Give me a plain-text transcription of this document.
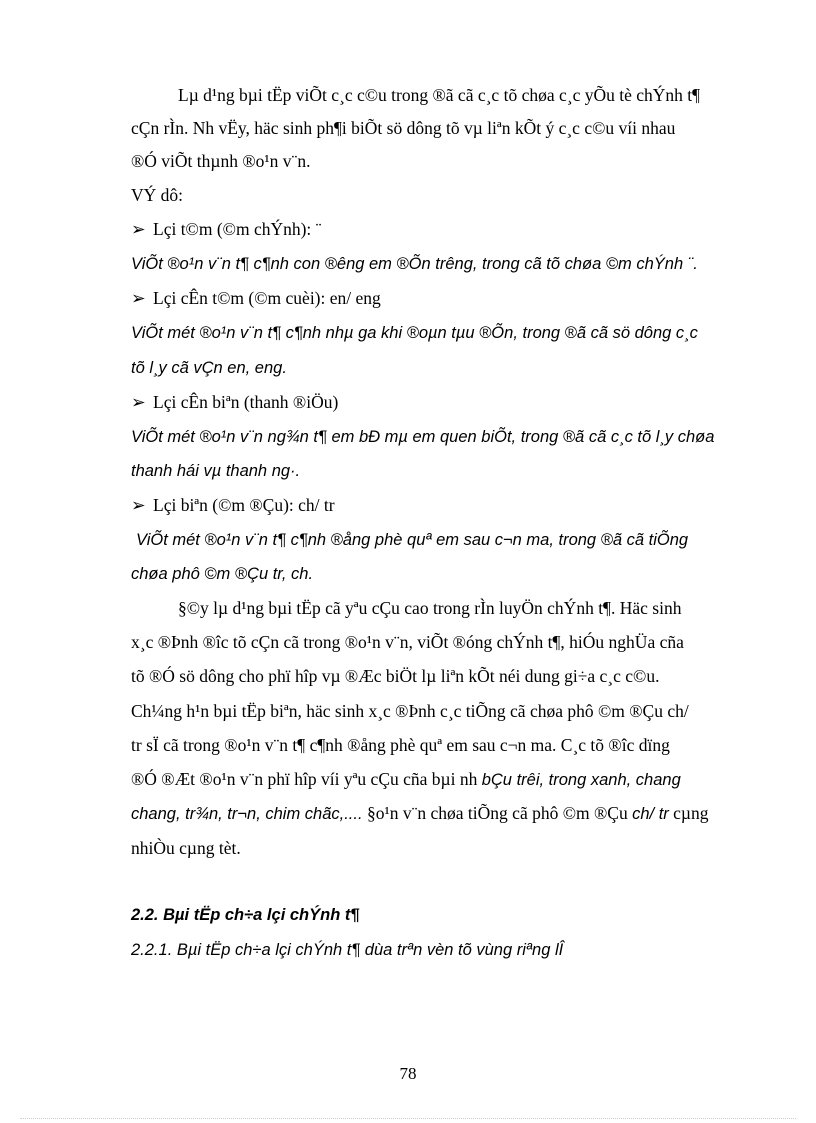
Lµ d¹ng bµi tËp viÕt c¸c c©u trong ®ã cã c¸c tõ chøa c¸c yÕu tè chÝnh t¶
cÇn rÌn. Nh vËy, häc sinh ph¶i biÕt sö dông tõ vµ liªn kÕt ý c¸c c©u víi nhau
®Ó viÕt thµnh ®o¹n v¨n.
VÝ dô:
➢ Lçi t©m (©m chÝnh): ¨
ViÕt ®o¹n v¨n t¶ c¶nh con ®êng em ®Õn trêng, trong cã tõ chøa ©m chÝnh ¨.
➢ Lçi cÊn t©m (©m cuèi): en/ eng
ViÕt mét ®o¹n v¨n t¶ c¶nh nhµ ga khi ®oµn tµu ®Õn, trong ®ã cã sö dông c¸c
tõ l¸y cã vÇn en, eng.
➢ Lçi cÊn biªn (thanh ®iÖu)
ViÕt mét ®o¹n v¨n ng¾n t¶ em bÐ mµ em quen biÕt, trong ®ã cã c¸c tõ l¸y chøa
thanh hái vµ thanh ng·.
➢ Lçi biªn (©m ®Çu): ch/ tr
ViÕt mét ®o¹n v¨n t¶ c¶nh ®ång phè quª em sau c¬n ma, trong ®ã cã tiÕng
chøa phô ©m ®Çu tr, ch.
§©y lµ d¹ng bµi tËp cã yªu cÇu cao trong rÌn luyÖn chÝnh t¶. Häc sinh
x¸c ®Þnh ®îc tõ cÇn cã trong ®o¹n v¨n, viÕt ®óng chÝnh t¶, hiÓu nghÜa cña
tõ ®Ó sö dông cho phï hîp vµ ®Æc biÖt lµ liªn kÕt néi dung gi÷a c¸c c©u.
Ch¼ng h¹n bµi tËp biªn, häc sinh x¸c ®Þnh c¸c tiÕng cã chøa phô ©m ®Çu ch/
tr sÏ cã trong ®o¹n v¨n t¶ c¶nh ®ång phè quª em sau c¬n ma. C¸c tõ ®îc dïng
®Ó ®Æt ®o¹n v¨n phï hîp víi yªu cÇu cña bµi nh bÇu trêi, trong xanh, chang
chang, tr¾n, tr¬n, chim chãc,.... §o¹n v¨n chøa tiÕng cã phô ©m ®Çu ch/ tr cµng
nhiÒu cµng tèt.
2.2. Bµi tËp ch÷a lçi chÝnh t¶
2.2.1. Bµi tËp ch÷a lçi chÝnh t¶ dùa trªn vèn tõ vùng riªng lÎ
78
